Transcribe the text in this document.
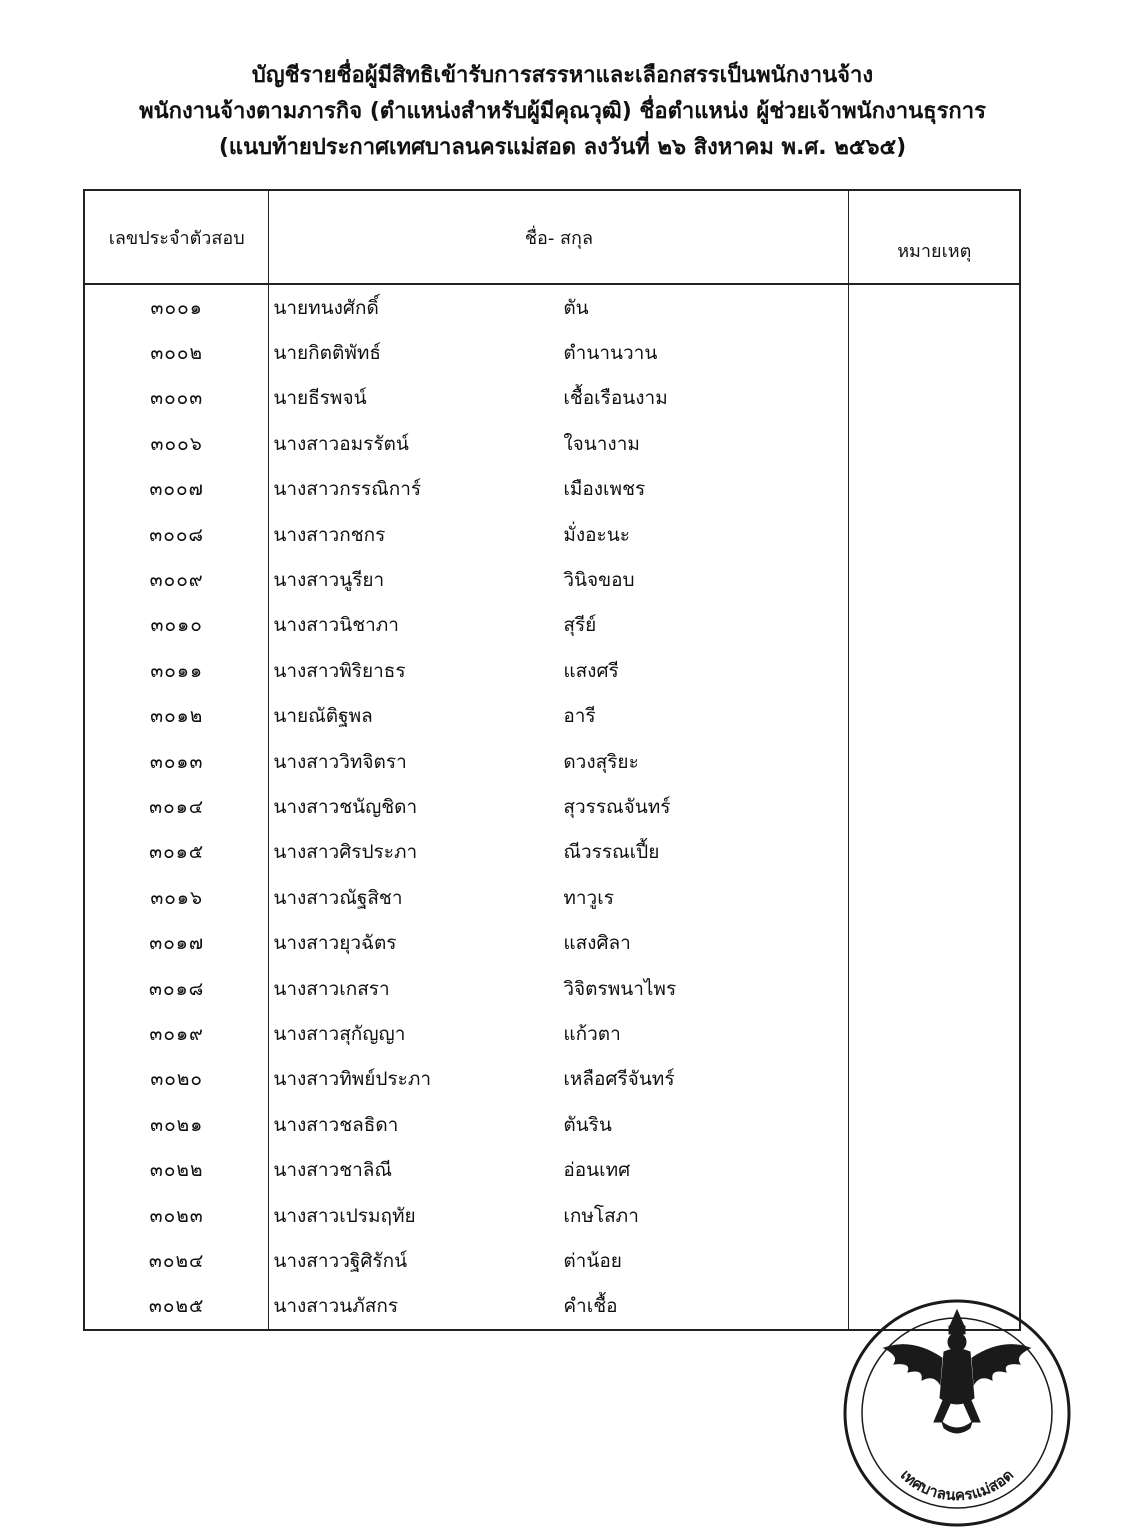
บัญชีรายชื่อผู้มีสิทธิเข้ารับการสรรหาและเลือกสรรเป็นพนักงานจ้าง
พนักงานจ้างตามภารกิจ (ตำแหน่งสำหรับผู้มีคุณวุฒิ) ชื่อตำแหน่ง ผู้ช่วยเจ้าพนักงานธุรการ
(แนบท้ายประกาศเทศบาลนครแม่สอด ลงวันที่ ๒๖ สิงหาคม พ.ศ. ๒๕๖๕)
เลขประจำตัวสอบ	ชื่อ- สกุล	หมายเหตุ
๓๐๐๑	นายทนงศักดิ์ ตัน	

๓๐๐๒	นายกิตติพัทธ์ ตำนานวาน	

๓๐๐๓	นายธีรพจน์ เชื้อเรือนงาม	

๓๐๐๖	นางสาวอมรรัตน์ ใจนางาม	

๓๐๐๗	นางสาวกรรณิการ์ เมืองเพชร	

๓๐๐๘	นางสาวกชกร มั่งอะนะ	

๓๐๐๙	นางสาวนูรียา วินิจขอบ	

๓๐๑๐	นางสาวนิชาภา สุรีย์	

๓๐๑๑	นางสาวพิริยาธร แสงศรี	

๓๐๑๒	นายณัติฐพล อารี	

๓๐๑๓	นางสาววิทจิตรา ดวงสุริยะ	

๓๐๑๔	นางสาวชนัญชิดา สุวรรณจันทร์	

๓๐๑๕	นางสาวศิรประภา ณีวรรณเปี้ย	

๓๐๑๖	นางสาวณัฐสิชา ทาวูเร	

๓๐๑๗	นางสาวยุวฉัตร แสงศิลา	

๓๐๑๘	นางสาวเกสรา วิจิตรพนาไพร	

๓๐๑๙	นางสาวสุกัญญา แก้วตา	

๓๐๒๐	นางสาวทิพย์ประภา เหลือศรีจันทร์	

๓๐๒๑	นางสาวชลธิดา ตันริน	

๓๐๒๒	นางสาวชาลิณี อ่อนเทศ	

๓๐๒๓	นางสาวเปรมฤทัย เกษโสภา	

๓๐๒๔	นางสาววฐิศิรักน์ ต่าน้อย	

๓๐๒๕	นางสาวนภัสกร คำเชื้อ	

เทศบาลนครแม่สอด
